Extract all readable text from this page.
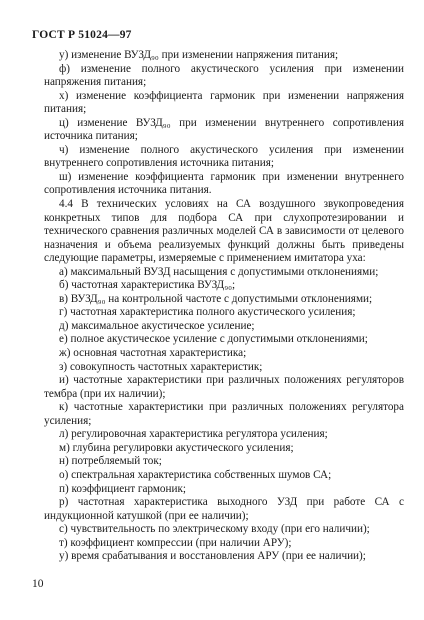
ГОСТ Р 51024—97

у) изменение ВУЗД₉₀ при изменении напряжения питания;

ф) изменение полного акустического усиления при изменении напряжения питания;

х) изменение коэффициента гармоник при изменении напряжения питания;

ц) изменение ВУЗД₉₀ при изменении внутреннего сопротивления источника питания;

ч) изменение полного акустического усиления при изменении внутреннего сопротивления источника питания;

ш) изменение коэффициента гармоник при изменении внутреннего сопротивления источника питания.

4.4 В технических условиях на СА воздушного звукопроведения конкретных типов для подбора СА при слухопротезировании и технического сравнения различных моделей СА в зависимости от целевого назначения и объема реализуемых функций должны быть приведены следующие параметры, измеряемые с применением имитатора уха:

а) максимальный ВУЗД насыщения с допустимыми отклонениями;

б) частотная характеристика ВУЗД₉₀;

в) ВУЗД₉₀ на контрольной частоте с допустимыми отклонениями;

г) частотная характеристика полного акустического усиления;

д) максимальное акустическое усиление;

е) полное акустическое усиление с допустимыми отклонениями;

ж) основная частотная характеристика;

з) совокупность частотных характеристик;

и) частотные характеристики при различных положениях регуляторов тембра (при их наличии);

к) частотные характеристики при различных положениях регулятора усиления;

л) регулировочная характеристика регулятора усиления;

м) глубина регулировки акустического усиления;

н) потребляемый ток;

о) спектральная характеристика собственных шумов СА;

п) коэффициент гармоник;

р) частотная характеристика выходного УЗД при работе СА с индукционной катушкой (при ее наличии);

с) чувствительность по электрическому входу (при его наличии);

т) коэффициент компрессии (при наличии АРУ);

у) время срабатывания и восстановления АРУ (при ее наличии);

10
